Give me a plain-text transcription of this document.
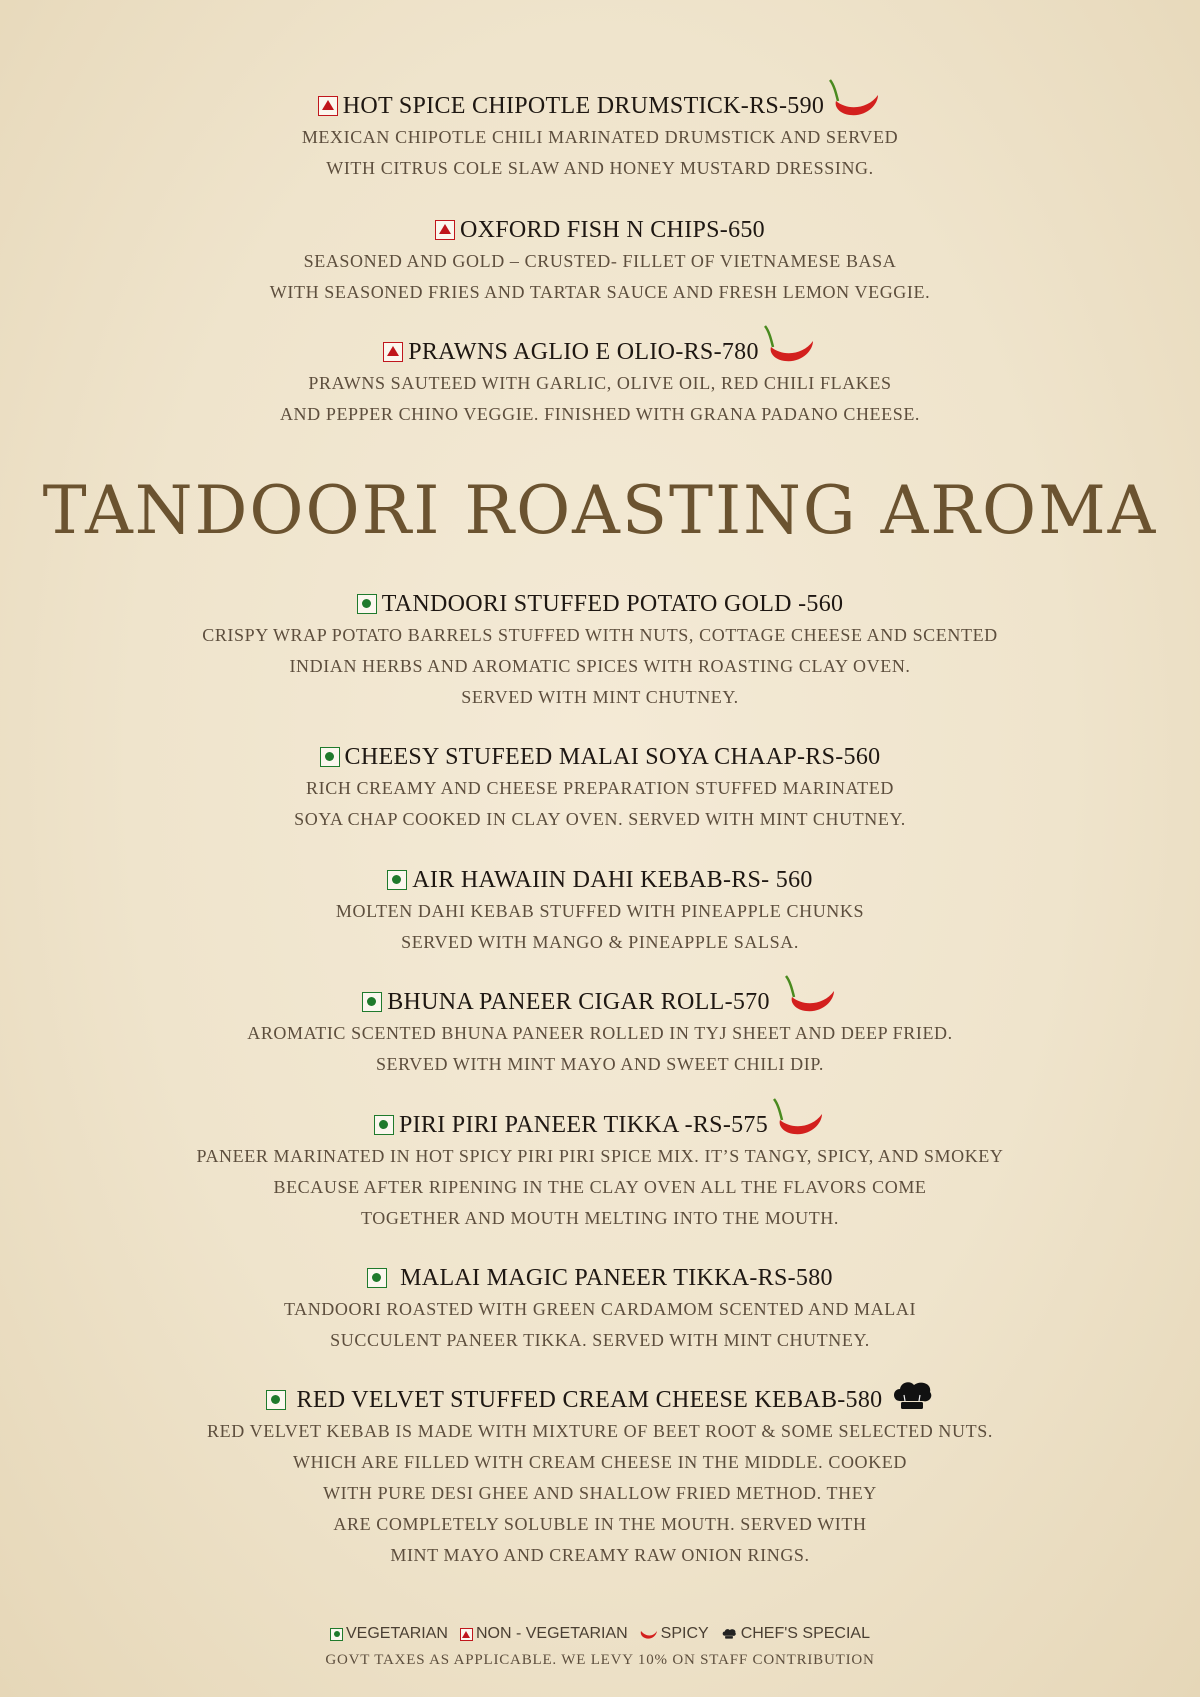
HOT SPICE CHIPOTLE DRUMSTICK-RS-590
MEXICAN CHIPOTLE CHILI MARINATED DRUMSTICK AND SERVED
WITH CITRUS COLE SLAW AND HONEY MUSTARD DRESSING.
OXFORD FISH N CHIPS-650
SEASONED AND GOLD – CRUSTED- FILLET OF VIETNAMESE BASA
WITH SEASONED FRIES AND TARTAR SAUCE AND FRESH LEMON VEGGIE.
PRAWNS AGLIO E OLIO-RS-780
PRAWNS SAUTEED WITH GARLIC, OLIVE OIL, RED CHILI FLAKES
AND PEPPER CHINO VEGGIE. FINISHED WITH GRANA PADANO CHEESE.
TANDOORI ROASTING AROMA
TANDOORI STUFFED POTATO GOLD -560
CRISPY WRAP POTATO BARRELS STUFFED WITH NUTS, COTTAGE CHEESE AND SCENTED
INDIAN HERBS AND AROMATIC SPICES WITH ROASTING CLAY OVEN.
SERVED WITH MINT CHUTNEY.
CHEESY STUFEED MALAI SOYA CHAAP-RS-560
RICH CREAMY AND CHEESE PREPARATION STUFFED MARINATED
SOYA CHAP COOKED IN CLAY OVEN. SERVED WITH MINT CHUTNEY.
AIR HAWAIIN DAHI KEBAB-RS- 560
MOLTEN DAHI KEBAB STUFFED WITH PINEAPPLE CHUNKS
SERVED WITH MANGO & PINEAPPLE SALSA.
BHUNA PANEER CIGAR ROLL-570
AROMATIC SCENTED BHUNA PANEER ROLLED IN TYJ SHEET AND DEEP FRIED.
SERVED WITH MINT MAYO AND SWEET CHILI DIP.
PIRI PIRI PANEER TIKKA -RS-575
PANEER MARINATED IN HOT SPICY PIRI PIRI SPICE MIX. IT’S TANGY, SPICY, AND SMOKEY
BECAUSE AFTER RIPENING IN THE CLAY OVEN ALL THE FLAVORS COME
TOGETHER AND MOUTH MELTING INTO THE MOUTH.
MALAI MAGIC PANEER TIKKA-RS-580
TANDOORI ROASTED WITH GREEN CARDAMOM SCENTED AND MALAI
SUCCULENT PANEER TIKKA. SERVED WITH MINT CHUTNEY.
RED VELVET STUFFED CREAM CHEESE KEBAB-580
RED VELVET KEBAB IS MADE WITH MIXTURE OF BEET ROOT & SOME SELECTED NUTS.
WHICH ARE FILLED WITH CREAM CHEESE IN THE MIDDLE. COOKED
WITH PURE DESI GHEE AND SHALLOW FRIED METHOD. THEY
ARE COMPLETELY SOLUBLE IN THE MOUTH. SERVED WITH
MINT MAYO AND CREAMY RAW ONION RINGS.
VEGETARIAN NON - VEGETARIAN SPICY CHEF'S SPECIAL
GOVT TAXES AS APPLICABLE. WE LEVY 10% ON STAFF CONTRIBUTION
